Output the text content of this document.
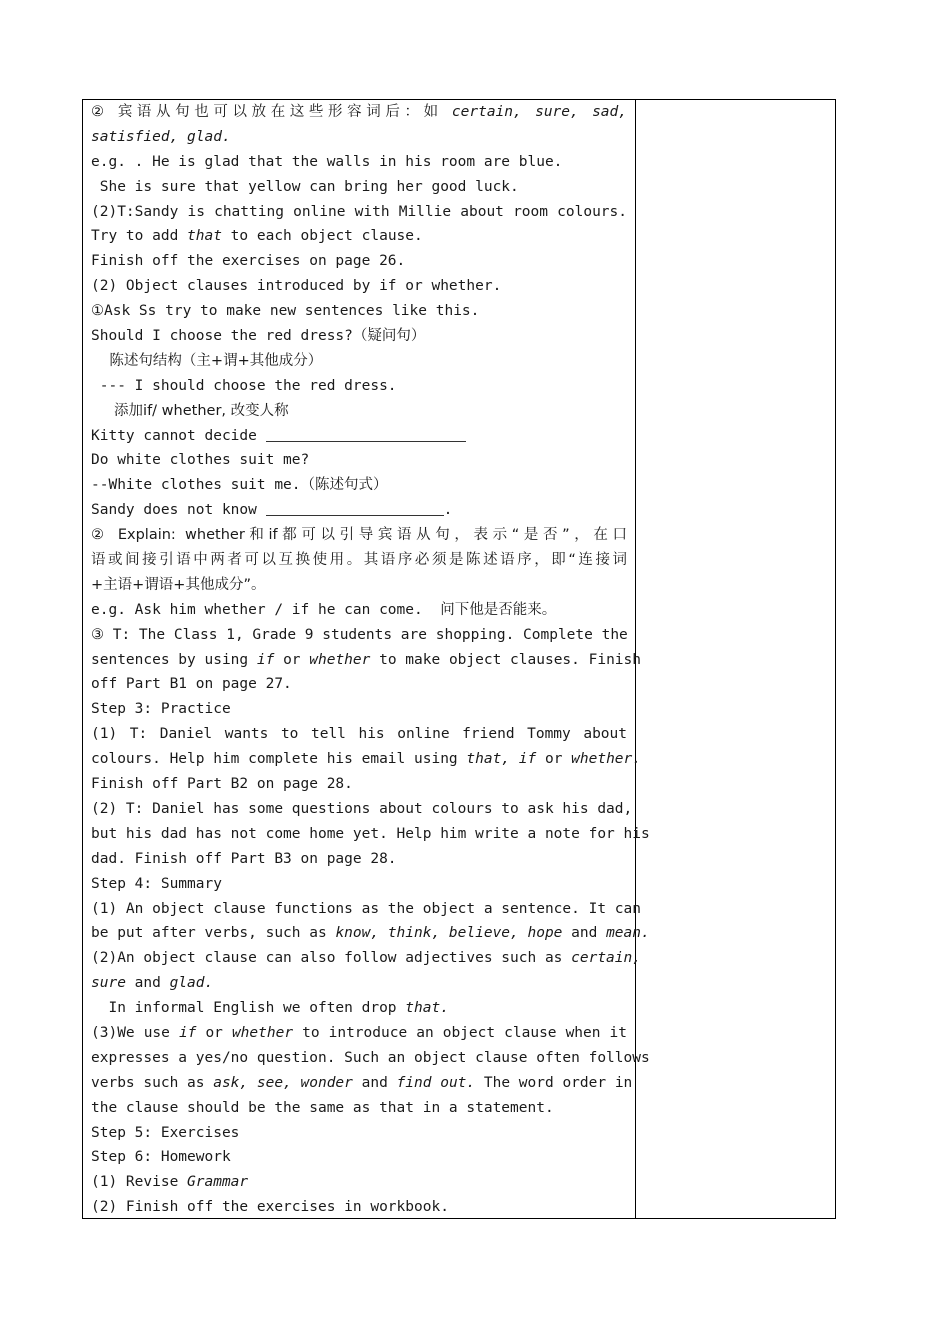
② 宾语从句也可以放在这些形容词后：如 certain, sure, sad,
satisfied, glad.
e.g. . He is glad that the walls in his room are blue.
She is sure that yellow can bring her good luck.
(2)T:Sandy is chatting online with Millie about room colours.
Try to add that to each object clause.
Finish off the exercises on page 26.
(2) Object clauses introduced by if or whether.
①Ask Ss try to make new sentences like this.
Should I choose the red dress?（疑问句）
陈述句结构（主+谓+其他成分）
--- I should choose the red dress.
添加if/ whether, 改变人称
Kitty cannot decide
Do white clothes suit me?
--White clothes suit me.（陈述句式）
Sandy does not know	.
② Explain: whether和if都可以引导宾语从句，表示“是否”，在口
语或间接引语中两者可以互换使用。其语序必须是陈述语序，即“连接词
+主语+谓语+其他成分”。
e.g. Ask him whether / if he can come.  问下他是否能来。
③ T: The Class 1, Grade 9 students are shopping. Complete the
sentences by using if or whether to make object clauses. Finish
off Part B1 on page 27.
Step 3: Practice
(1) T: Daniel wants to tell his online friend Tommy about
colours. Help him complete his email using that, if or whether.
Finish off Part B2 on page 28.
(2) T: Daniel has some questions about colours to ask his dad,
but his dad has not come home yet. Help him write a note for his
dad. Finish off Part B3 on page 28.
Step 4: Summary
(1) An object clause functions as the object a sentence. It can
be put after verbs, such as know, think, believe, hope and mean.
(2)An object clause can also follow adjectives such as certain,
sure and glad.
In informal English we often drop that.
(3)We use if or whether to introduce an object clause when it
expresses a yes/no question. Such an object clause often follows
verbs such as ask, see, wonder and find out. The word order in
the clause should be the same as that in a statement.
Step 5: Exercises
Step 6: Homework
(1) Revise Grammar
(2) Finish off the exercises in workbook.
